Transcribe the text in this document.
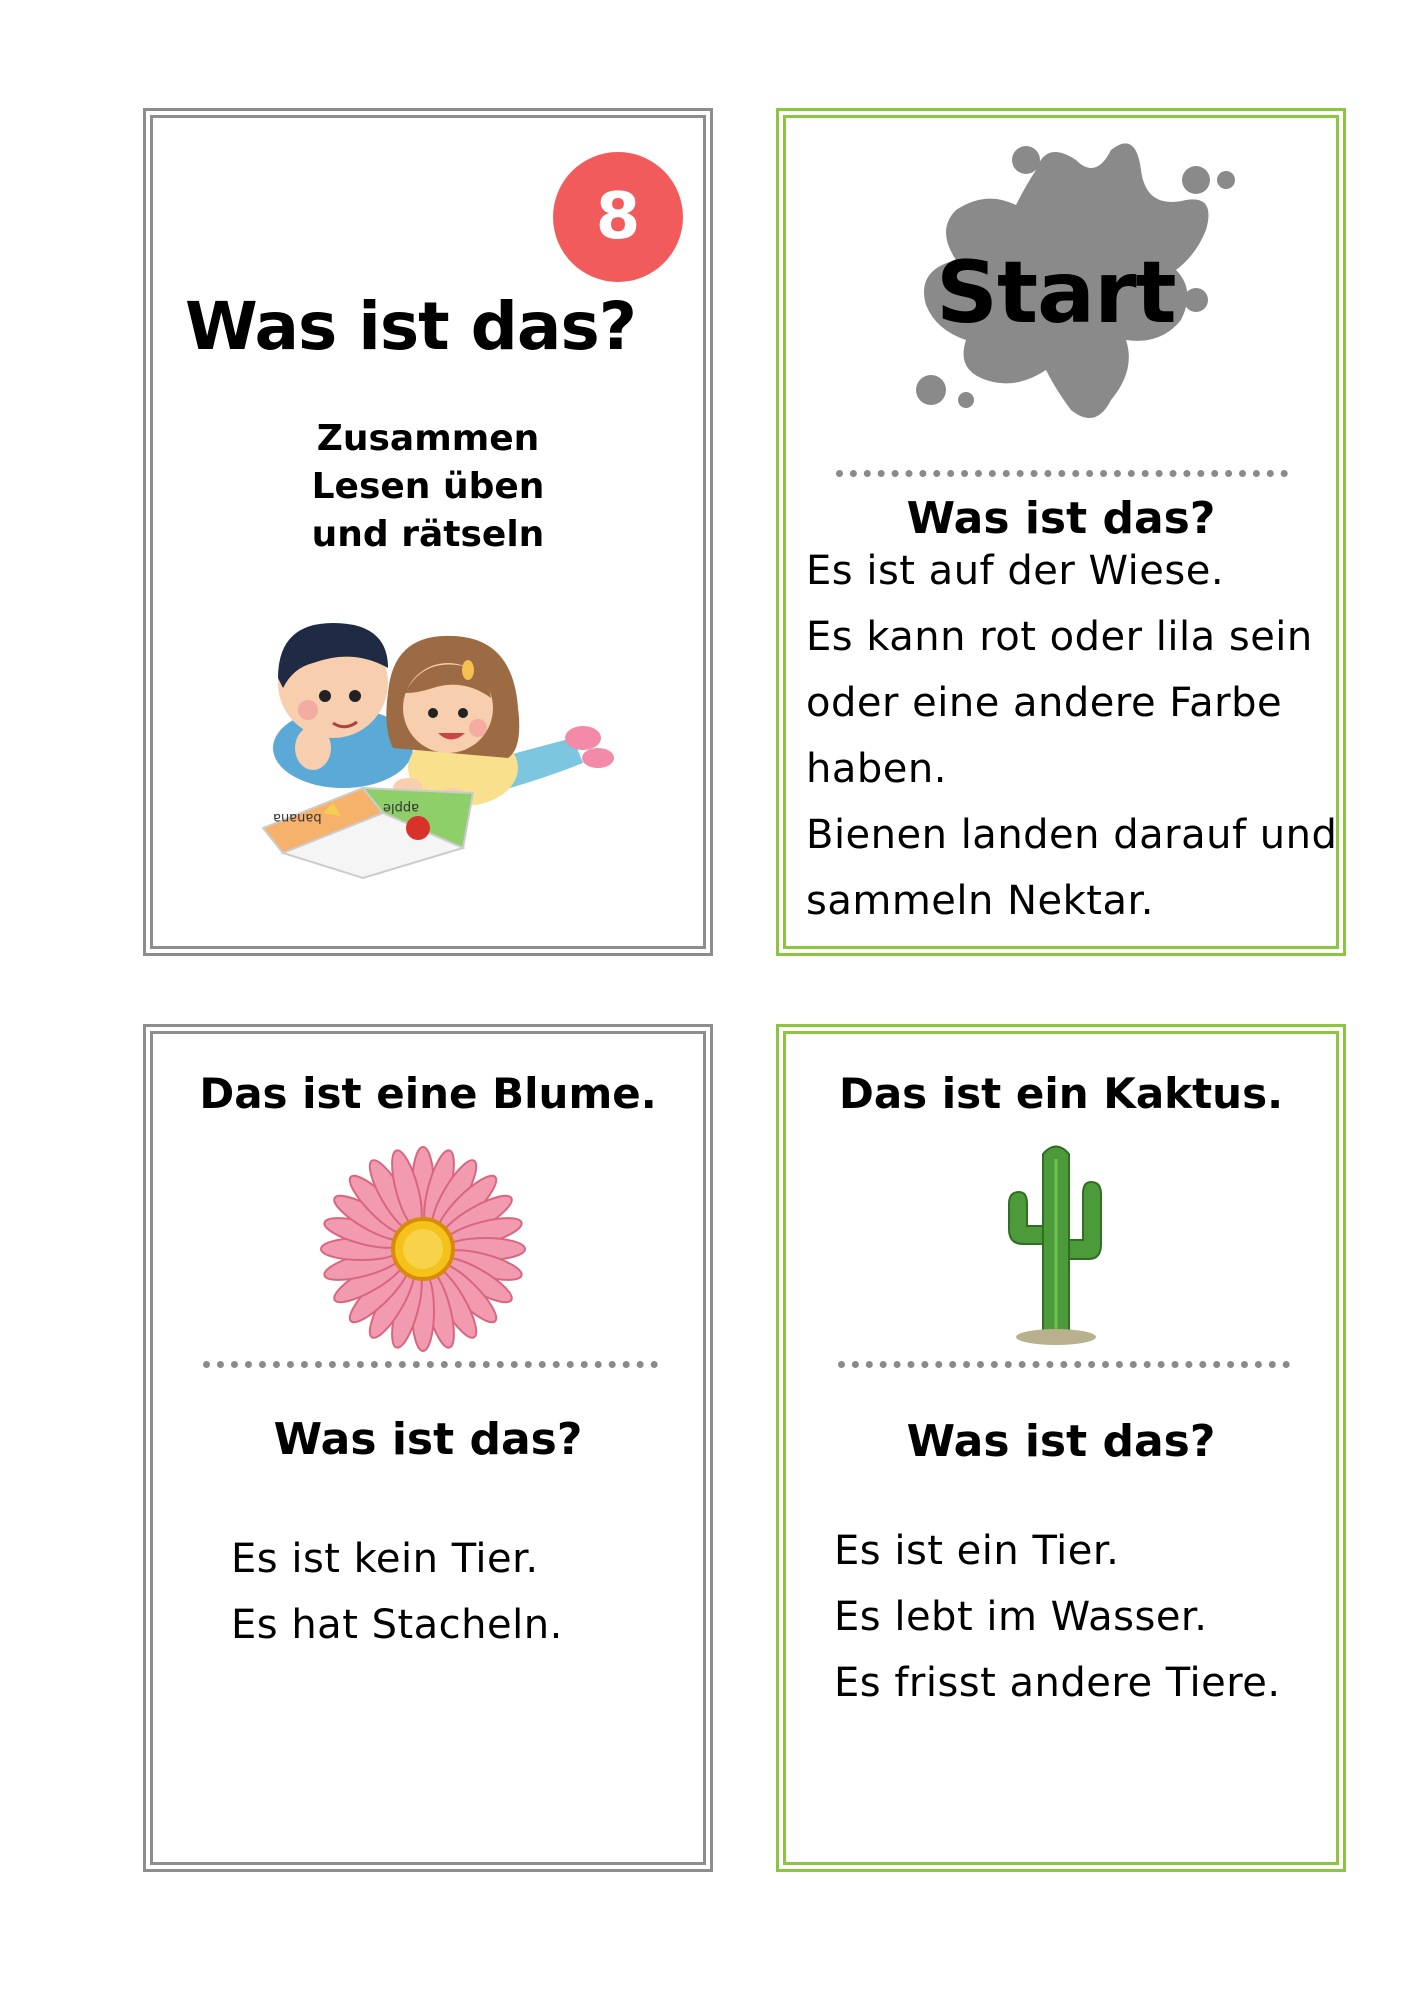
8
Was ist das?
Zusammen
Lesen üben
und rätseln
banana
apple
Start
Was ist das?
Es ist auf der Wiese.
Es kann rot oder lila sein
oder eine andere Farbe
haben.
Bienen landen darauf und
sammeln Nektar.
Das ist eine Blume.
Was ist das?
Es ist kein Tier.
Es hat Stacheln.
Das ist ein Kaktus.
Was ist das?
Es ist ein Tier.
Es lebt im Wasser.
Es frisst andere Tiere.
